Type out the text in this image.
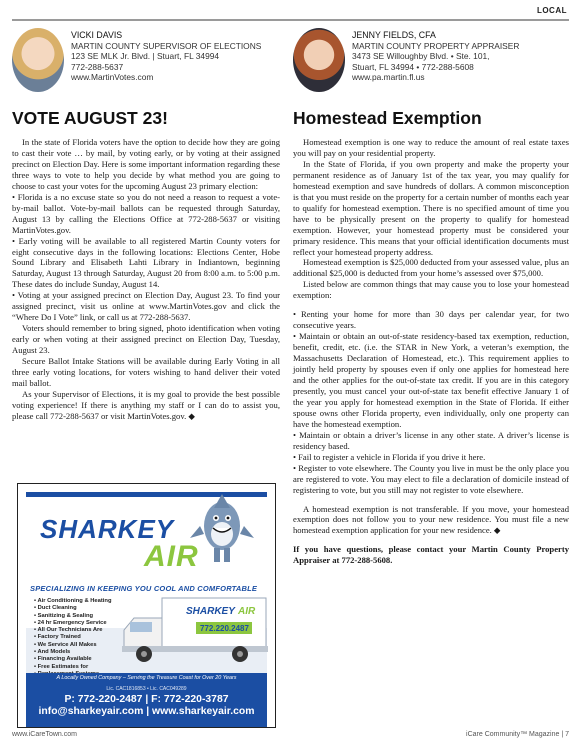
LOCAL
VICKI DAVIS
MARTIN COUNTY SUPERVISOR OF ELECTIONS
123 SE MLK Jr. Blvd. | Stuart, FL 34994
772-288-5637
www.MartinVotes.com
VOTE AUGUST 23!

In the state of Florida voters have the option to decide how they are going to cast their vote … by mail, by voting early, or by voting at their assigned precinct on Election Day. Here is some important information regarding these three ways to vote to help you decide by what method you are going to choose to cast your votes for the upcoming August 23 primary election:

• Florida is a no excuse state so you do not need a reason to request a vote-by-mail ballot. Vote-by-mail ballots can be requested through Saturday, August 13 by calling the Elections Office at 772-288-5637 or visiting MartinVotes.gov.

• Early voting will be available to all registered Martin County voters for eight consecutive days in the following locations: Elections Center, Hobe Sound Library and Elisabeth Lahti Library in Indiantown, beginning Saturday, August 13 through Saturday, August 20 from 8:00 a.m. to 5:00 p.m. These dates do include Sunday, August 14.

• Voting at your assigned precinct on Election Day, August 23. To find your assigned precinct, visit us online at www.MartinVotes.gov and click the “Where Do I Vote” link, or call us at 772-288-5637.

Voters should remember to bring signed, photo identification when voting early or when voting at their assigned precinct on Election Day, Tuesday, August 23.

Secure Ballot Intake Stations will be available during Early Voting in all three early voting locations, for voters wishing to hand deliver their voted mail ballot.

As your Supervisor of Elections, it is my goal to provide the best possible voting experience! If there is anything my staff or I can do to assist you, please call 772-288-5637 or visit MartinVotes.gov. ◆

SHARKEY
AIR
SPECIALIZING IN KEEPING YOU COOL AND COMFORTABLE
• Air Conditioning & Heating
• Duct Cleaning
• Sanitizing & Sealing
• 24 hr Emergency Service
• All Our Technicians Are
• Factory Trained
• We Service All Makes
• And Models
• Financing Available
• Free Estimates for
•
SHARKEY AIR
772.220.2487
A Locally Owned Company – Serving the Treasure Coast for Over 20 Years
Lic. CAC1816853 • Lic. CAC049289
P: 772-220-2487 | F: 772-220-3787
info@sharkeyair.com | www.sharkeyair.com
JENNY FIELDS, CFA
MARTIN COUNTY PROPERTY APPRAISER
3473 SE Willoughby Blvd. • Ste. 101,
Stuart, FL 34994 • 772-288-5608
www.pa.martin.fl.us
Homestead Exemption

Homestead exemption is one way to reduce the amount of real estate taxes you will pay on your residential property.

In the State of Florida, if you own property and make the property your permanent residence as of January 1st of the tax year, you may qualify for homestead exemption and save hundreds of dollars. A common misconception is that you must reside on the property for a certain number of months each year to qualify for homestead exemption. There is no specified amount of time you have to be physically present on the property to qualify for homestead exemption. However, your homestead property must be considered your primary residence. This means that your official identification documents must reflect your homestead property address.

Homestead exemption is $25,000 deducted from your assessed value, plus an additional $25,000 is deducted from your home’s assessed over $75,000.

Listed below are common things that may cause you to lose your homestead exemption:

• Renting your home for more than 30 days per calendar year, for two consecutive years.

• Maintain or obtain an out-of-state residency-based tax exemption, reduction, benefit, credit, etc. (i.e. the STAR in New York, a veteran’s exemption, the Massachusetts Declaration of Homestead, etc.). This requirement applies to jointly held property by spouses even if only one applies for homestead here and the other applies for the out-of-state tax credit. If you are in this category presently, you must cancel your out-of-state tax benefit effective January 1 of the year you apply for homestead exemption in the State of Florida. If either spouse owns other Florida property, even individually, only one property can have the homestead exemption.

• Maintain or obtain a driver’s license in any other state. A driver’s license is residency based.

• Fail to register a vehicle in Florida if you drive it here.

• Register to vote elsewhere. The County you live in must be the only place you are registered to vote. You may elect to file a declaration of domicile instead of registering to vote, but you still may not register to vote elsewhere.

A homestead exemption is not transferable. If you move, your homestead exemption does not follow you to your new residence. You must file a new homestead exemption application for your new residence. ◆

If you have questions, please contact your Martin County Property Appraiser at 772-288-5608.

www.iCareTown.com	iCare Community™ Magazine | 7
